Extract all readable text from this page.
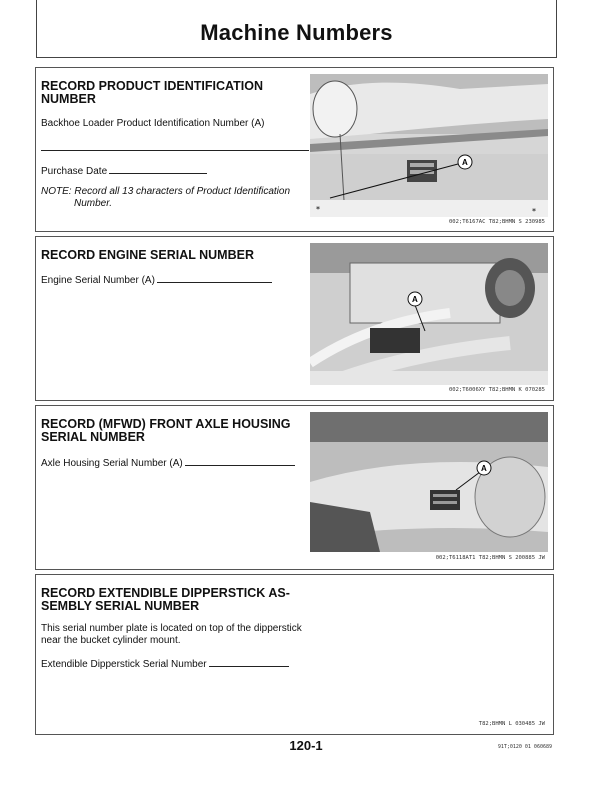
Machine Numbers
RECORD PRODUCT IDENTIFICATION NUMBER
Backhoe Loader Product Identification Number (A)
Purchase Date
NOTE: Record all 13 characters of Product Identification
Number.
A
*	*
002;T6167AC T82;BHMN S 230985
RECORD ENGINE SERIAL NUMBER
Engine Serial Number (A)
A
002;T6006XY T82;BHMN K 070285
RECORD (MFWD) FRONT AXLE HOUSING SERIAL NUMBER
Axle Housing Serial Number (A)	A
002;T6118AT1 T82;BHMN S 200885 JW
RECORD EXTENDIBLE DIPPERSTICK AS-SEMBLY SERIAL NUMBER
This serial number plate is located on top of the dipperstick
near the bucket cylinder mount.
Extendible Dipperstick Serial Number
T82;BHMN L 030485 JW
120-1	91T;0120 01 060689
